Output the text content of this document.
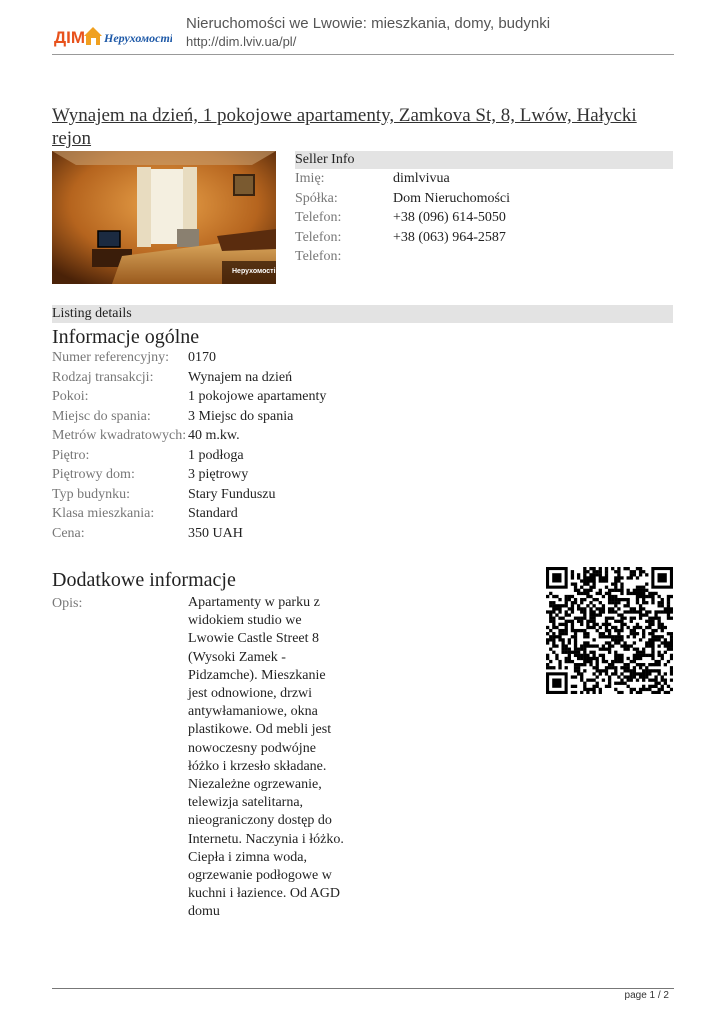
ДІМ Нерухомості
Nieruchomości we Lwowie: mieszkania, domy, budynki
http://dim.lviv.ua/pl/
Wynajem na dzień, 1 pokojowe apartamenty, Zamkova St, 8, Lwów, Hałycki rejon
Нерухомості
Seller Info
Imię:	dimlvivua
Spółka:	Dom Nieruchomości
Telefon:	+38 (096) 614-5050
Telefon:	+38 (063) 964-2587
Telefon:
Listing details
Informacje ogólne
Numer referencyjny:	0170
Rodzaj transakcji:	Wynajem na dzień
Pokoi:	1 pokojowe apartamenty
Miejsc do spania:	3 Miejsc do spania
Metrów kwadratowych: 40 m.kw.
Piętro:	1 podłoga
Piętrowy dom:	3 piętrowy
Typ budynku:	Stary Funduszu
Klasa mieszkania:	Standard
Cena:	350 UAH
Dodatkowe informacje
Opis:	Apartamenty w parku z widokiem studio we Lwowie Castle Street 8 (Wysoki Zamek - Pidzamche). Mieszkanie jest odnowione, drzwi antywłamaniowe, okna plastikowe. Od mebli jest nowoczesny podwójne łóżko i krzesło składane. Niezależne ogrzewanie, telewizja satelitarna, nieograniczony dostęp do Internetu. Naczynia i łóżko. Ciepła i zimna woda, ogrzewanie podłogowe w kuchni i łazience. Od AGD domu
page 1 / 2
